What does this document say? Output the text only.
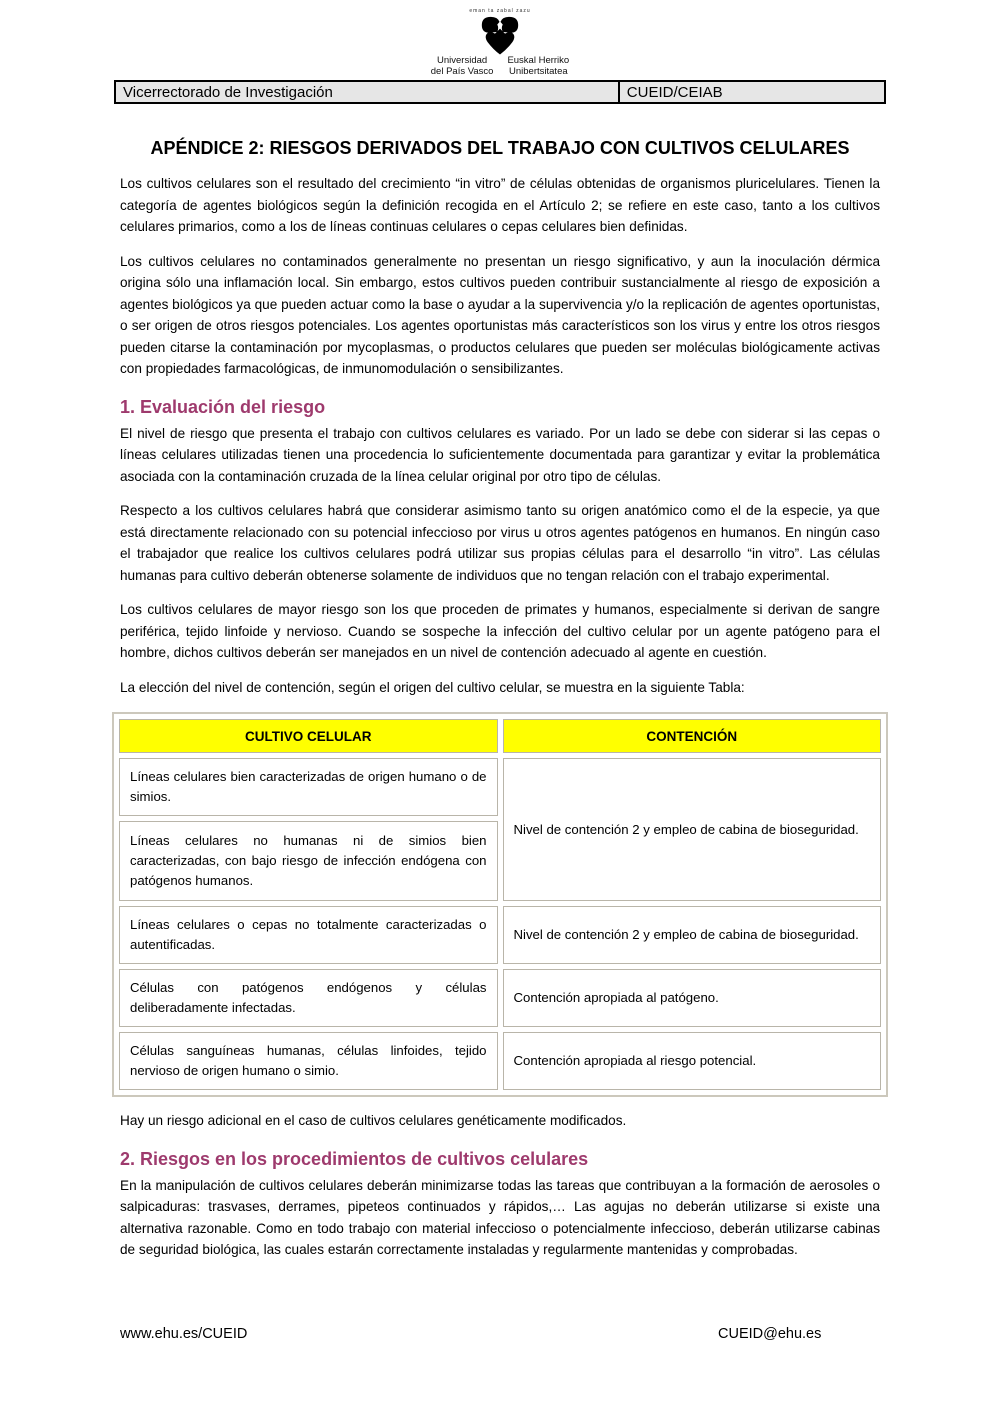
eman ta zabal zazu
Universidad
del País Vasco
Euskal Herriko
Unibertsitatea
Vicerrectorado de Investigación	CUEID/CEIAB
APÉNDICE 2: RIESGOS DERIVADOS DEL TRABAJO CON CULTIVOS CELULARES

Los cultivos celulares son el resultado del crecimiento “in vitro” de células obtenidas de organismos pluricelulares. Tienen la categoría de agentes biológicos según la definición recogida en el Artículo 2; se refiere en este caso, tanto a los cultivos celulares primarios, como a los de líneas continuas celulares o cepas celulares bien definidas.

Los cultivos celulares no contaminados generalmente no presentan un riesgo significativo, y aun la inoculación dérmica origina sólo una inflamación local. Sin embargo, estos cultivos pueden contribuir sustancialmente al riesgo de exposición a agentes biológicos ya que pueden actuar como la base o ayudar a la supervivencia y/o la replicación de agentes oportunistas, o ser origen de otros riesgos potenciales. Los agentes oportunistas más característicos son los virus y entre los otros riesgos pueden citarse la contaminación por mycoplasmas, o productos celulares que pueden ser moléculas biológicamente activas con propiedades farmacológicas, de inmunomodulación o sensibilizantes.

1. Evaluación del riesgo

El nivel de riesgo que presenta el trabajo con cultivos celulares es variado. Por un lado se debe con siderar si las cepas o líneas celulares utilizadas tienen una procedencia lo suficientemente documentada para garantizar y evitar la problemática asociada con la contaminación cruzada de la línea celular original por otro tipo de células.

Respecto a los cultivos celulares habrá que considerar asimismo tanto su origen anatómico como el de la especie, ya que está directamente relacionado con su potencial infeccioso por virus u otros agentes patógenos en humanos. En ningún caso el trabajador que realice los cultivos celulares podrá utilizar sus propias células para el desarrollo “in vitro”. Las células humanas para cultivo deberán obtenerse solamente de individuos que no tengan relación con el trabajo experimental.

Los cultivos celulares de mayor riesgo son los que proceden de primates y humanos, especialmente si derivan de sangre periférica, tejido linfoide y nervioso. Cuando se sospeche la infección del cultivo celular por un agente patógeno para el hombre, dichos cultivos deberán ser manejados en un nivel de contención adecuado al agente en cuestión.

La elección del nivel de contención, según el origen del cultivo celular, se muestra en la siguiente Tabla:

CULTIVO CELULAR	CONTENCIÓN
Líneas celulares bien caracterizadas de origen humano o de simios.	Nivel de contención 2 y empleo de cabina de bioseguridad.
Líneas celulares no humanas ni de simios bien caracterizadas, con bajo riesgo de infección endógena con patógenos humanos.	
Líneas celulares o cepas no totalmente caracterizadas o autentificadas.	Nivel de contención 2 y empleo de cabina de bioseguridad.
Células con patógenos endógenos y células deliberadamente infectadas.	Contención apropiada al patógeno.
Células sanguíneas humanas, células linfoides, tejido nervioso de origen humano o simio.	Contención apropiada al riesgo potencial.

Hay un riesgo adicional en el caso de cultivos celulares genéticamente modificados.

2. Riesgos en los procedimientos de cultivos celulares

En la manipulación de cultivos celulares deberán minimizarse todas las tareas que contribuyan a la formación de aerosoles o salpicaduras: trasvases, derrames, pipeteos continuados y rápidos,… Las agujas no deberán utilizarse si existe una alternativa razonable. Como en todo trabajo con material infeccioso o potencialmente infeccioso, deberán utilizarse cabinas de seguridad biológica, las cuales estarán correctamente instaladas y regularmente mantenidas y comprobadas.

www.ehu.es/CUEID	CUEID@ehu.es
